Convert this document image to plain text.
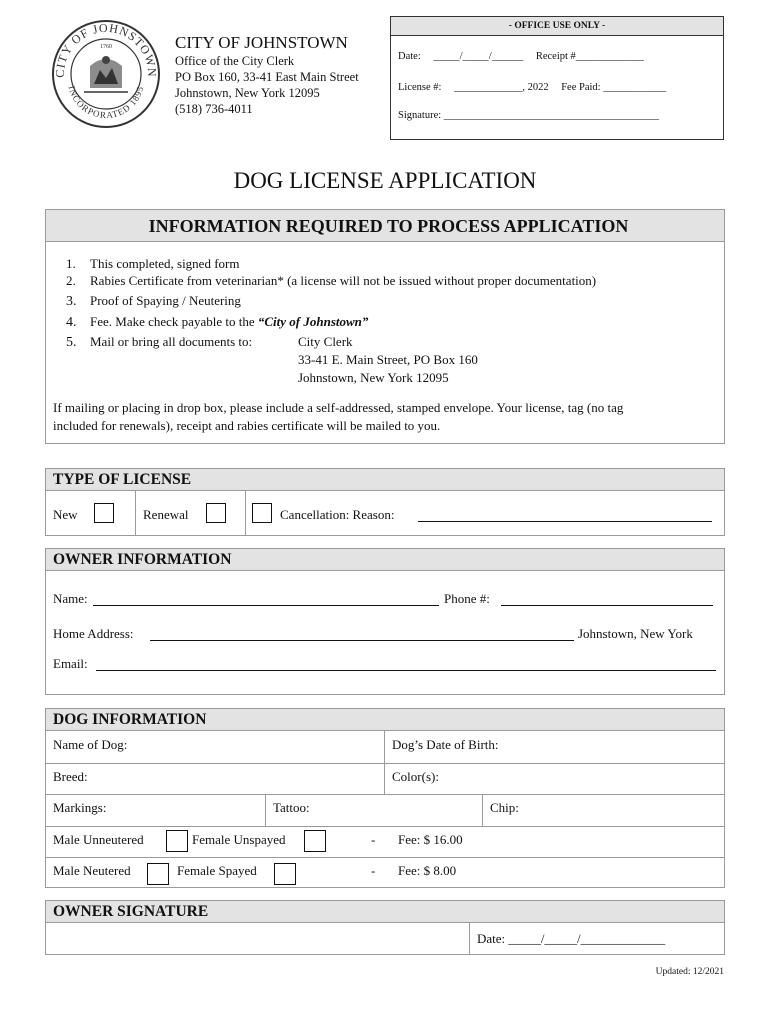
CITY OF JOHNSTOWN
INCORPORATED 1895
1760	CITY OF JOHNSTOWN
Office of the City Clerk
PO Box 160, 33-41 East Main Street
Johnstown, New York 12095
(518) 736-4011
- OFFICE USE ONLY -
Date: _____/_____/______ Receipt #_____________
License #: _____________, 2022 Fee Paid: ____________
Signature: _________________________________________
DOG LICENSE APPLICATION
INFORMATION REQUIRED TO PROCESS APPLICATION
1. This completed, signed form
2. Rabies Certificate from veterinarian* (a license will not be issued without proper documentation)
3. Proof of Spaying / Neutering
4. Fee. Make check payable to the “City of Johnstown”
5. Mail or bring all documents to:	City Clerk
33-41 E. Main Street, PO Box 160
Johnstown, New York 12095
If mailing or placing in drop box, please include a self-addressed, stamped envelope. Your license, tag (no tag
included for renewals), receipt and rabies certificate will be mailed to you.
TYPE OF LICENSE
New	Renewal	Cancellation: Reason:
OWNER INFORMATION
Name:	Phone #:
Home Address:	Johnstown, New York
Email:
DOG INFORMATION
Name of Dog:	Dog’s Date of Birth:
Breed:	Color(s):
Markings:	Tattoo:	Chip:
Male Unneutered	Female Unspayed	- Fee: $ 16.00
Male Neutered	Female Spayed	- Fee: $ 8.00
OWNER SIGNATURE
Date: _____/_____/_____________
Updated: 12/2021
